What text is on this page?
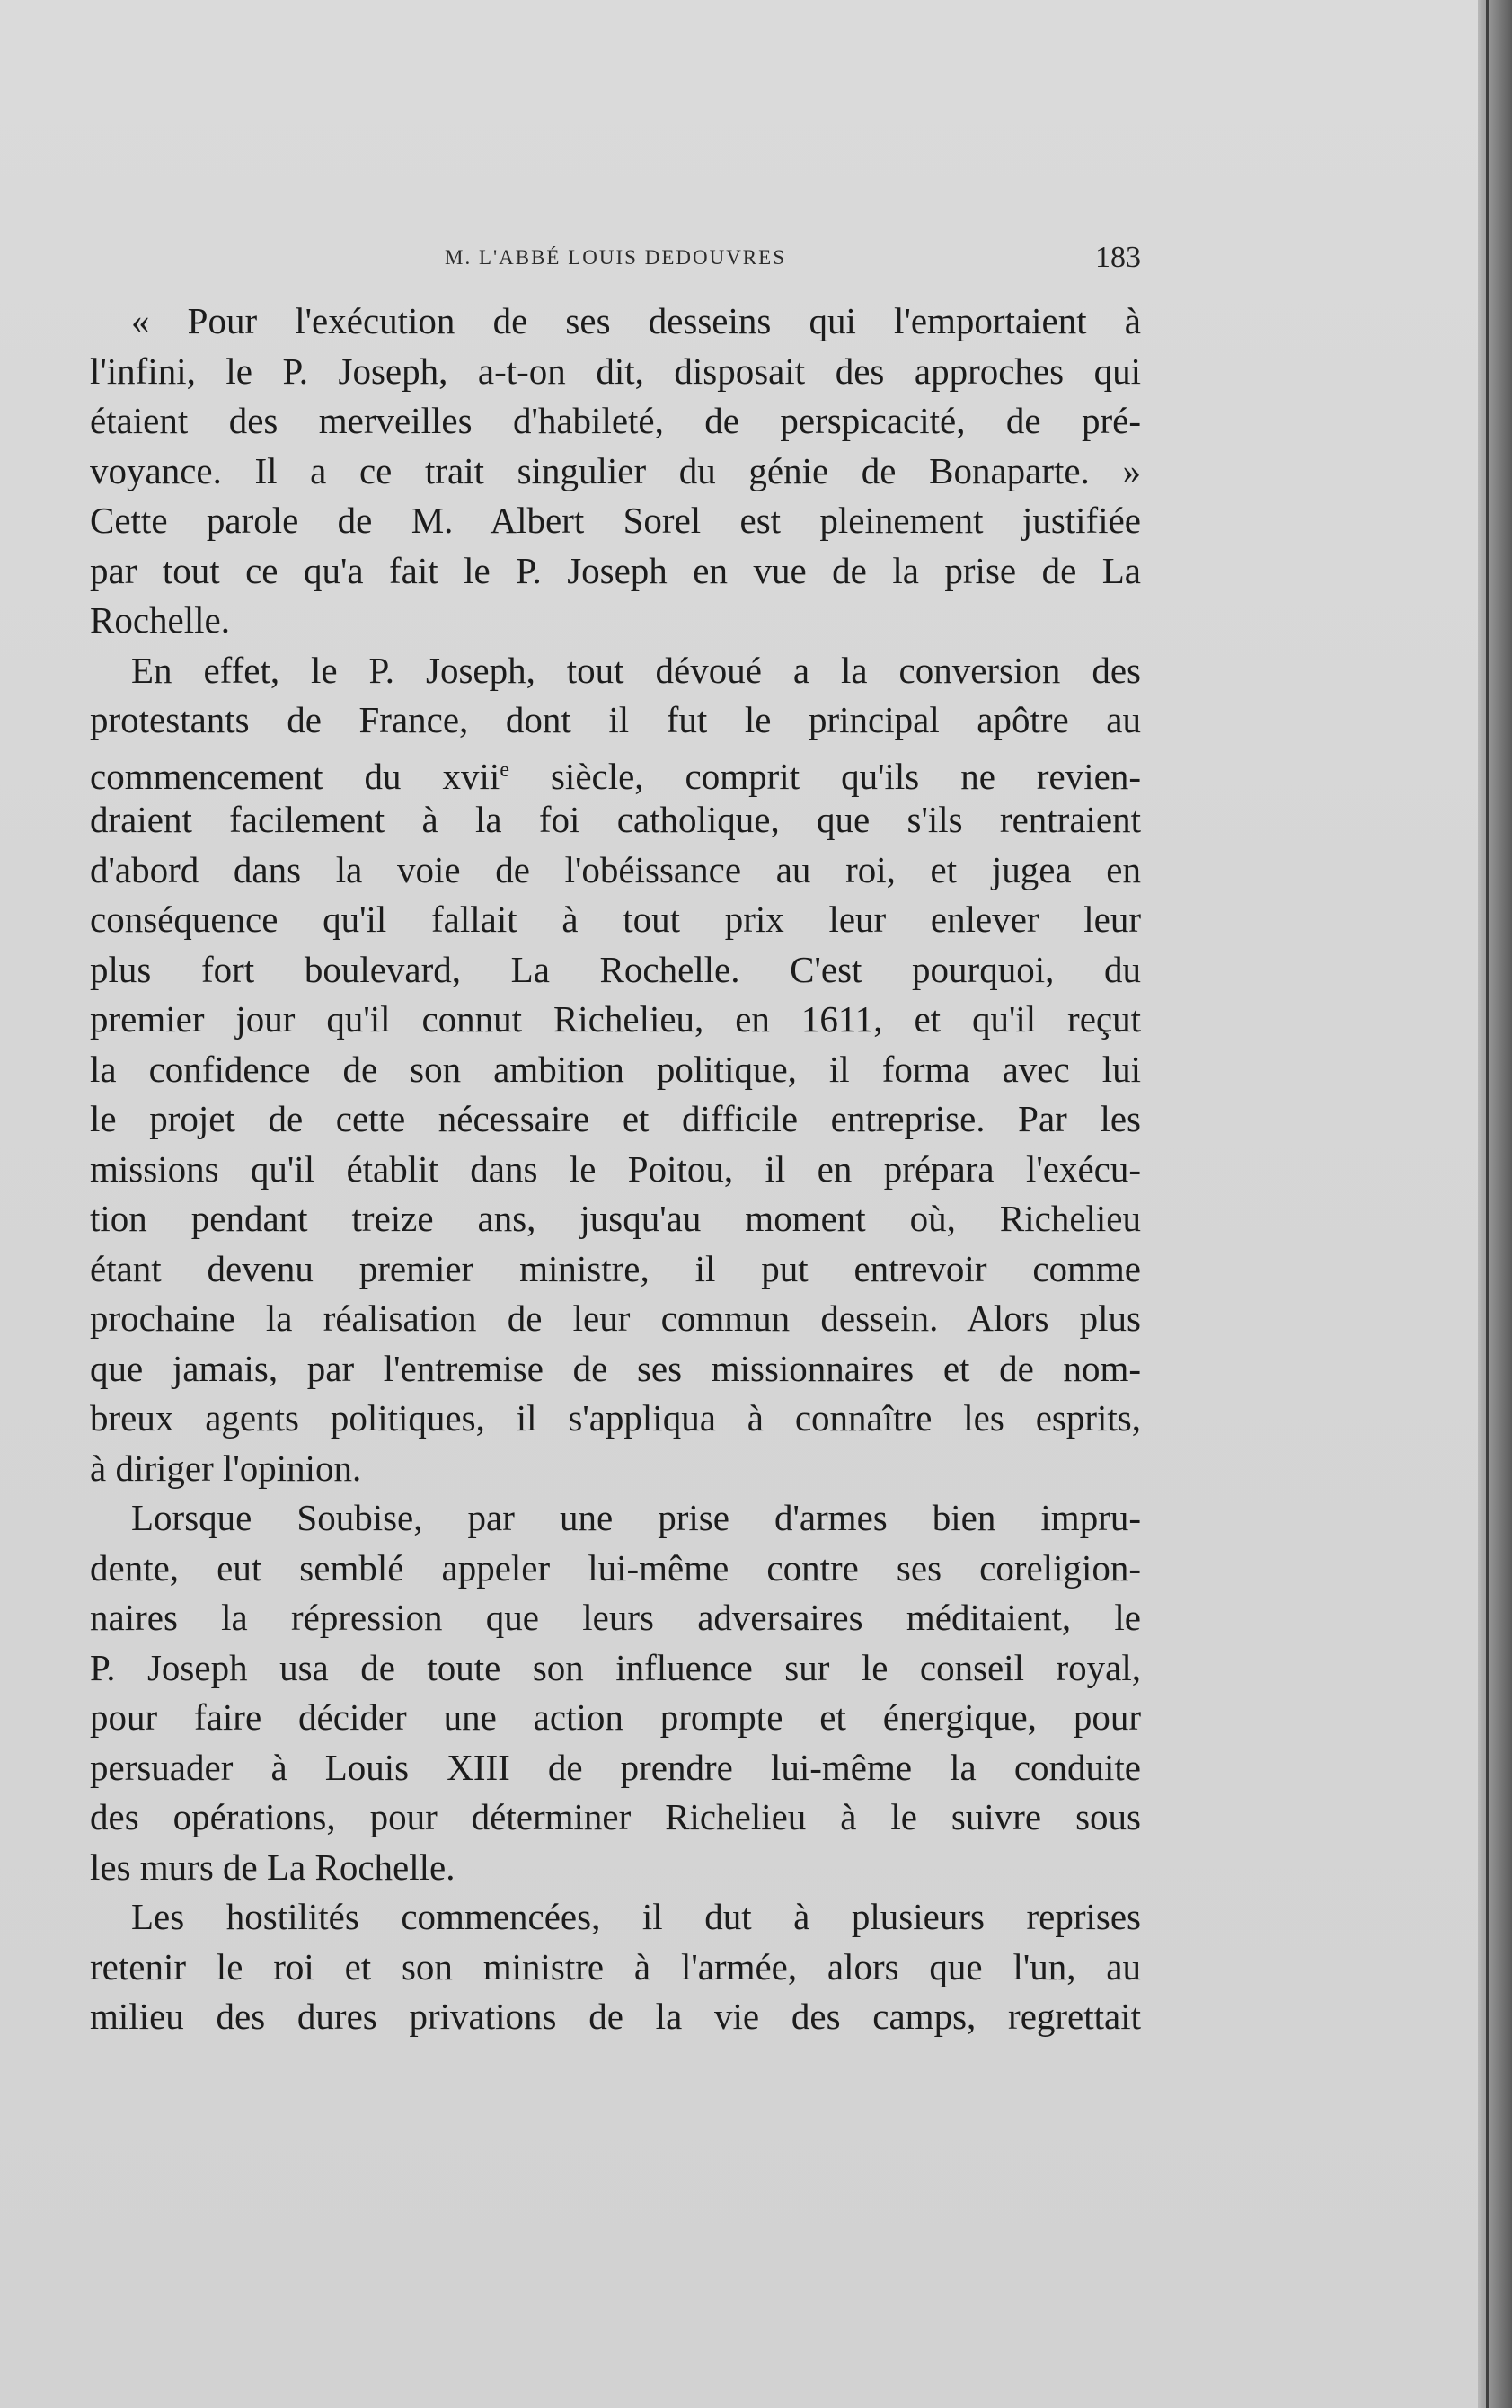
M. L'ABBÉ LOUIS DEDOUVRES	183
« Pour l'exécution de ses desseins qui l'emportaient à
l'infini, le P. Joseph, a-t-on dit, disposait des approches qui
étaient des merveilles d'habileté, de perspicacité, de pré-
voyance. Il a ce trait singulier du génie de Bonaparte. »
Cette parole de M. Albert Sorel est pleinement justifiée
par tout ce qu'a fait le P. Joseph en vue de la prise de La
Rochelle.
En effet, le P. Joseph, tout dévoué a la conversion des
protestants de France, dont il fut le principal apôtre au
commencement du xvii$^e$ siècle, comprit qu'ils ne revien-
draient facilement à la foi catholique, que s'ils rentraient
d'abord dans la voie de l'obéissance au roi, et jugea en
conséquence qu'il fallait à tout prix leur enlever leur
plus fort boulevard, La Rochelle. C'est pourquoi, du
premier jour qu'il connut Richelieu, en 1611, et qu'il reçut
la confidence de son ambition politique, il forma avec lui
le projet de cette nécessaire et difficile entreprise. Par les
missions qu'il établit dans le Poitou, il en prépara l'exécu-
tion pendant treize ans, jusqu'au moment où, Richelieu
étant devenu premier ministre, il put entrevoir comme
prochaine la réalisation de leur commun dessein. Alors plus
que jamais, par l'entremise de ses missionnaires et de nom-
breux agents politiques, il s'appliqua à connaître les esprits,
à diriger l'opinion.
Lorsque Soubise, par une prise d'armes bien impru-
dente, eut semblé appeler lui-même contre ses coreligion-
naires la répression que leurs adversaires méditaient, le
P. Joseph usa de toute son influence sur le conseil royal,
pour faire décider une action prompte et énergique, pour
persuader à Louis XIII de prendre lui-même la conduite
des opérations, pour déterminer Richelieu à le suivre sous
les murs de La Rochelle.
Les hostilités commencées, il dut à plusieurs reprises
retenir le roi et son ministre à l'armée, alors que l'un, au
milieu des dures privations de la vie des camps, regrettait
